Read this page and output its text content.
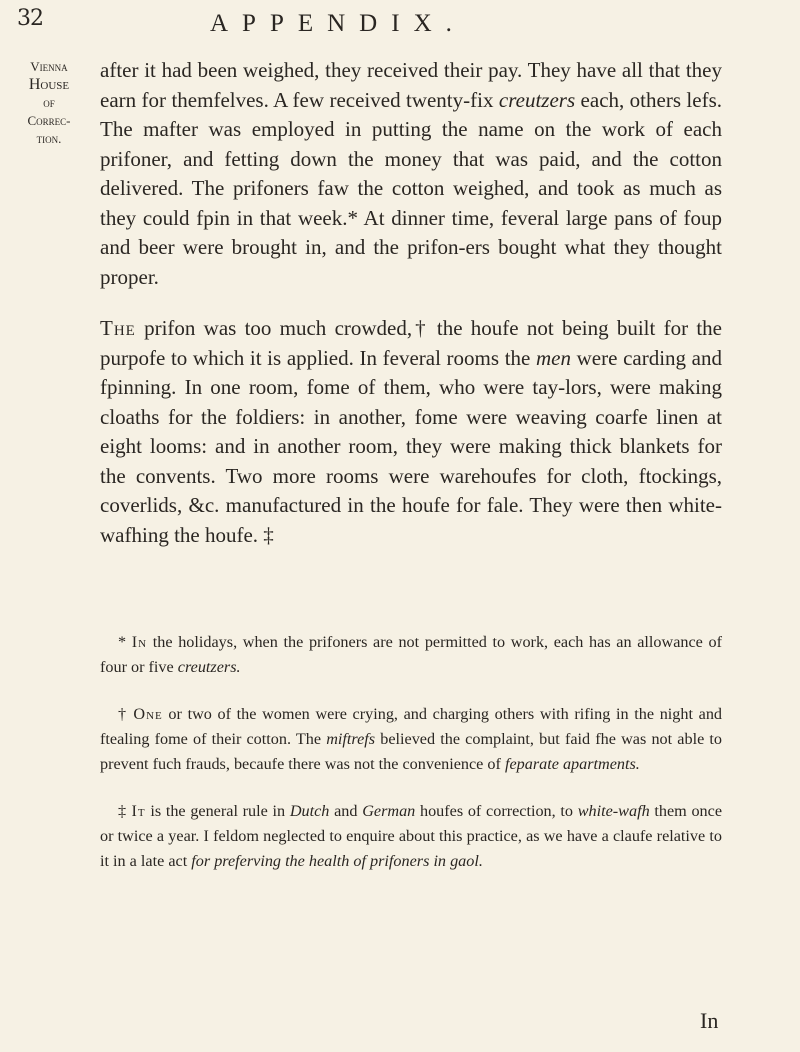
32	APPENDIX.
Vienna
House
of
Correc-
tion.

after it had been weighed, they received their pay. They have all that they earn for themfelves. A few received twenty-fix creutzers each, others lefs. The mafter was employed in putting the name on the work of each prifoner, and fetting down the money that was paid, and the cotton delivered. The prifoners faw the cotton weighed, and took as much as they could fpin in that week.* At dinner time, feveral large pans of foup and beer were brought in, and the prifon-ers bought what they thought proper.

The prifon was too much crowded,† the houfe not being built for the purpofe to which it is applied. In feveral rooms the men were carding and fpinning. In one room, fome of them, who were tay-lors, were making cloaths for the foldiers: in another, fome were weaving coarfe linen at eight looms: and in another room, they were making thick blankets for the convents. Two more rooms were warehoufes for cloth, ftockings, coverlids, &c. manufactured in the houfe for fale. They were then white-wafhing the houfe. ‡

* In the holidays, when the prifoners are not permitted to work, each has an allowance of four or five creutzers.

† One or two of the women were crying, and charging others with rifing in the night and ftealing fome of their cotton. The miftrefs believed the complaint, but faid fhe was not able to prevent fuch frauds, becaufe there was not the convenience of feparate apartments.

‡ It is the general rule in Dutch and German houfes of correction, to white-wafh them once or twice a year. I feldom neglected to enquire about this practice, as we have a claufe relative to it in a late act for preferving the health of prifoners in gaol.

In
